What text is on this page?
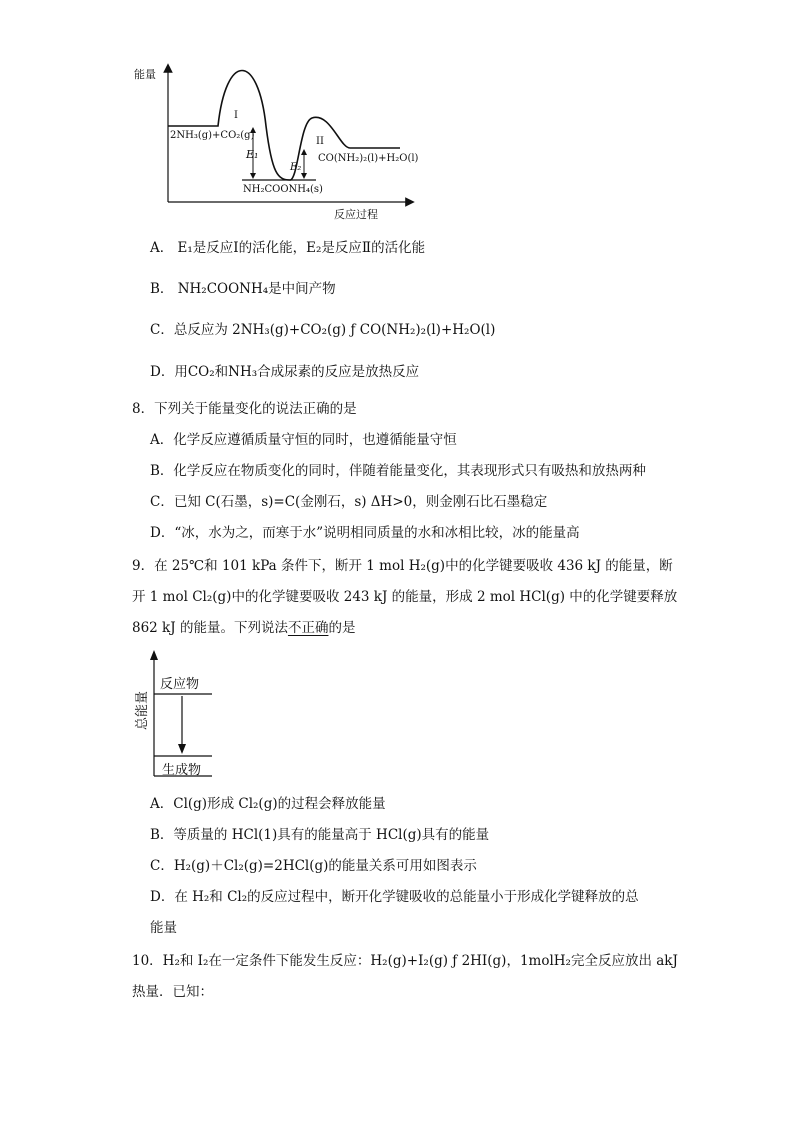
能量
反应过程
E₁
E₂
I
II
2NH₃(g)+CO₂(g)
CO(NH₂)₂(l)+H₂O(l)
NH₂COONH₄(s)
A． E₁是反应Ⅰ的活化能，E₂是反应Ⅱ的活化能
B． NH₂COONH₄是中间产物
C．总反应为 2NH₃(g)+CO₂(g) ƒ CO(NH₂)₂(l)+H₂O(l)
D．用CO₂和NH₃合成尿素的反应是放热反应
8．下列关于能量变化的说法正确的是
A．化学反应遵循质量守恒的同时，也遵循能量守恒
B．化学反应在物质变化的同时，伴随着能量变化，其表现形式只有吸热和放热两种
C．已知 C(石墨，s)=C(金刚石，s) ΔH>0，则金刚石比石墨稳定
D．“冰，水为之，而寒于水”说明相同质量的水和冰相比较，冰的能量高
9．在 25℃和 101 kPa 条件下，断开 1 mol H₂(g)中的化学键要吸收 436 kJ 的能量，断
开 1 mol Cl₂(g)中的化学键要吸收 243 kJ 的能量，形成 2 mol HCl(g) 中的化学键要释放
862 kJ 的能量。下列说法不正确的是
总能量
反应物
生成物
A．Cl(g)形成 Cl₂(g)的过程会释放能量
B．等质量的 HCl(1)具有的能量高于 HCl(g)具有的能量
C．H₂(g)＋Cl₂(g)=2HCl(g)的能量关系可用如图表示
D．在 H₂和 Cl₂的反应过程中，断开化学键吸收的总能量小于形成化学键释放的总
能量
10．H₂和 I₂在一定条件下能发生反应：H₂(g)+I₂(g) ƒ 2HI(g)，1molH₂完全反应放出 akJ
热量．已知：
